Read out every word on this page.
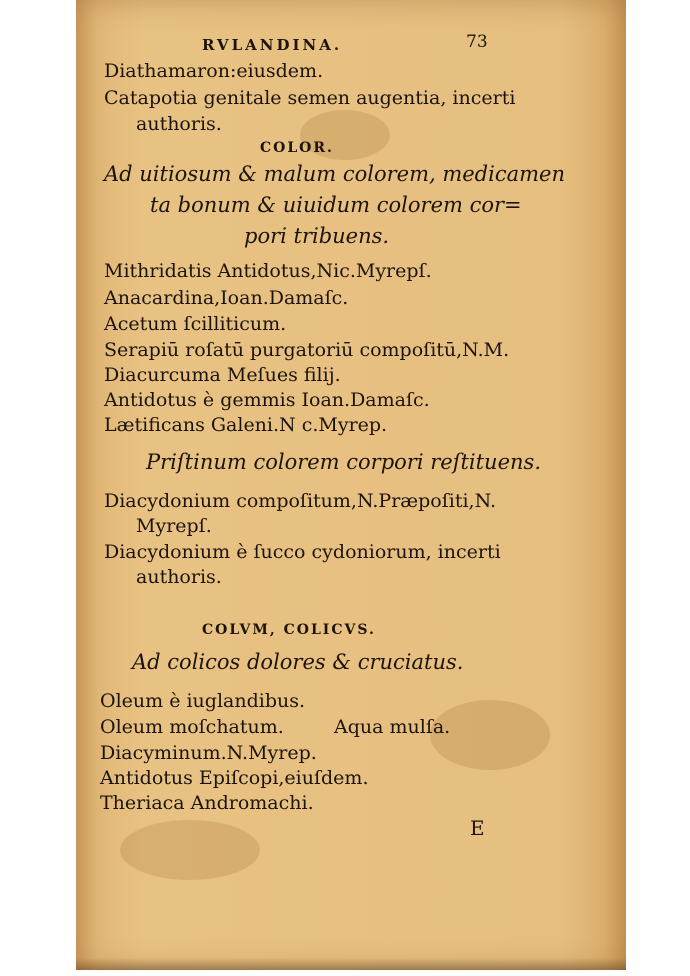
RVLANDINA.	73
Diathamaron:eiusdem.
Catapotia genitale semen augentia, incerti
authoris.
COLOR.
Ad uitiosum & malum colorem, medicamen
ta bonum & uiuidum colorem cor=
pori tribuens.
Mithridatis Antidotus,Nic.Myrepſ.
Anacardina,Ioan.Damaſc.
Acetum ſcilliticum.
Serapiū roſatū purgatoriū compoſitū,N.M.
Diacurcuma Meſues filij.
Antidotus è gemmis Ioan.Damaſc.
Lætificans Galeni.N c.Myrep.
Priſtinum colorem corpori reſtituens.
Diacydonium compoſitum,N.Præpoſiti,N.
Myrepſ.
Diacydonium è ſucco cydoniorum, incerti
authoris.
COLVM, COLICVS.
Ad colicos dolores & cruciatus.
Oleum è iuglandibus.
Oleum moſchatum.	Aqua mulſa.
Diacyminum.N.Myrep.
Antidotus Epiſcopi,eiuſdem.
Theriaca Andromachi.
E
